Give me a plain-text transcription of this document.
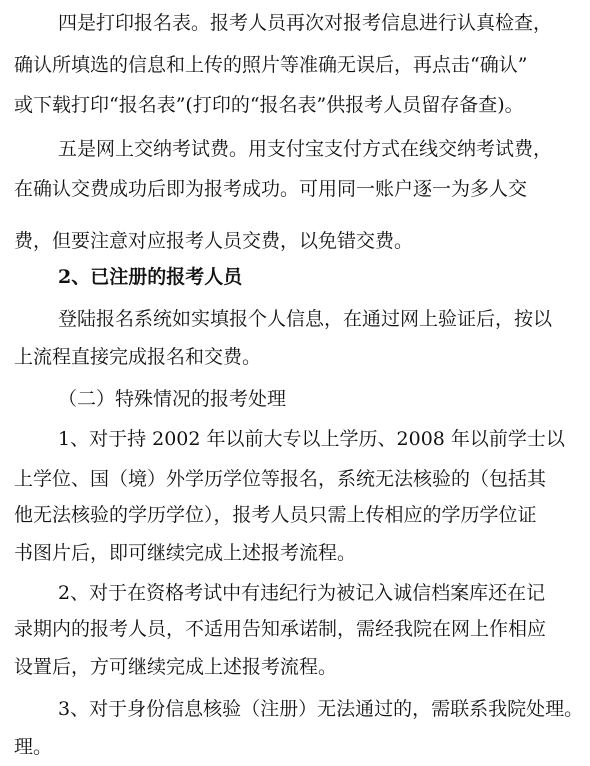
四是打印报名表。报考人员再次对报考信息进行认真检查，
确认所填选的信息和上传的照片等准确无误后，再点击“确认”
或下载打印“报名表”(打印的“报名表”供报考人员留存备查)。
五是网上交纳考试费。用支付宝支付方式在线交纳考试费，
在确认交费成功后即为报考成功。可用同一账户逐一为多人交
费，但要注意对应报考人员交费，以免错交费。
2、已注册的报考人员
登陆报名系统如实填报个人信息，在通过网上验证后，按以
上流程直接完成报名和交费。
（二）特殊情况的报考处理
1、对于持 2002 年以前大专以上学历、2008 年以前学士以
上学位、国（境）外学历学位等报名，系统无法核验的（包括其
他无法核验的学历学位），报考人员只需上传相应的学历学位证
书图片后，即可继续完成上述报考流程。
2、对于在资格考试中有违纪行为被记入诚信档案库还在记
录期内的报考人员，不适用告知承诺制，需经我院在网上作相应
设置后，方可继续完成上述报考流程。
3、对于身份信息核验（注册）无法通过的，需联系我院处理。
理。
